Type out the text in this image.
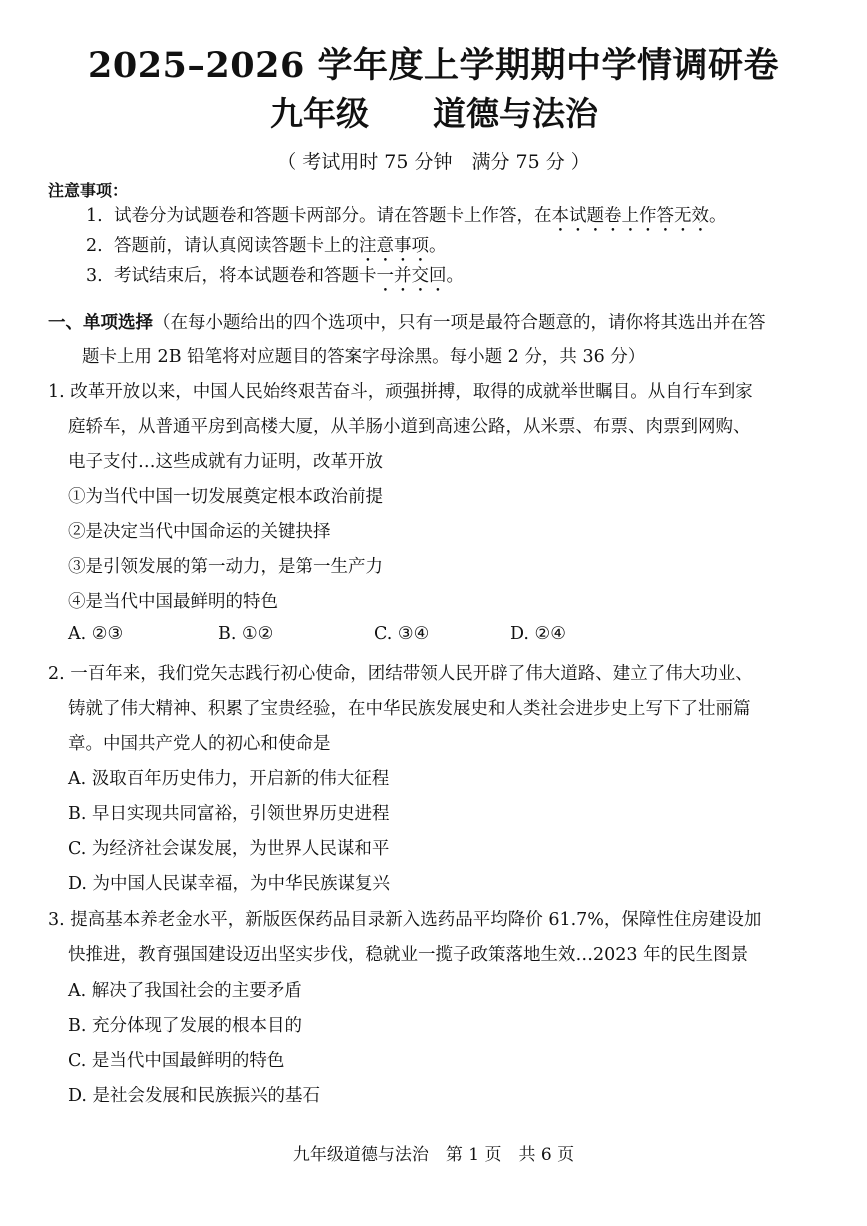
2025–2026 学年度上学期期中学情调研卷
九年级 道德与法治
（ 考试用时 75 分钟　满分 75 分 ）
注意事项：
1. 试卷分为试题卷和答题卡两部分。请在答题卡上作答，在本试题卷上作答无效。
2. 答题前，请认真阅读答题卡上的注意事项。
3. 考试结束后，将本试题卷和答题卡一并交回。
一、单项选择（在每小题给出的四个选项中，只有一项是最符合题意的，请你将其选出并在答
题卡上用 2B 铅笔将对应题目的答案字母涂黑。每小题 2 分，共 36 分）
1. 改革开放以来，中国人民始终艰苦奋斗，顽强拼搏，取得的成就举世瞩目。从自行车到家
庭轿车，从普通平房到高楼大厦，从羊肠小道到高速公路，从米票、布票、肉票到网购、
电子支付…这些成就有力证明，改革开放
①为当代中国一切发展奠定根本政治前提
②是决定当代中国命运的关键抉择
③是引领发展的第一动力，是第一生产力
④是当代中国最鲜明的特色
A. ②③	B. ①②	C. ③④	D. ②④
2. 一百年来，我们党矢志践行初心使命，团结带领人民开辟了伟大道路、建立了伟大功业、
铸就了伟大精神、积累了宝贵经验，在中华民族发展史和人类社会进步史上写下了壮丽篇
章。中国共产党人的初心和使命是
A. 汲取百年历史伟力，开启新的伟大征程
B. 早日实现共同富裕，引领世界历史进程
C. 为经济社会谋发展，为世界人民谋和平
D. 为中国人民谋幸福，为中华民族谋复兴
3. 提高基本养老金水平，新版医保药品目录新入选药品平均降价 61.7%，保障性住房建设加
快推进，教育强国建设迈出坚实步伐，稳就业一揽子政策落地生效…2023 年的民生图景
A. 解决了我国社会的主要矛盾
B. 充分体现了发展的根本目的
C. 是当代中国最鲜明的特色
D. 是社会发展和民族振兴的基石
九年级道德与法治　第 1 页　共 6 页
